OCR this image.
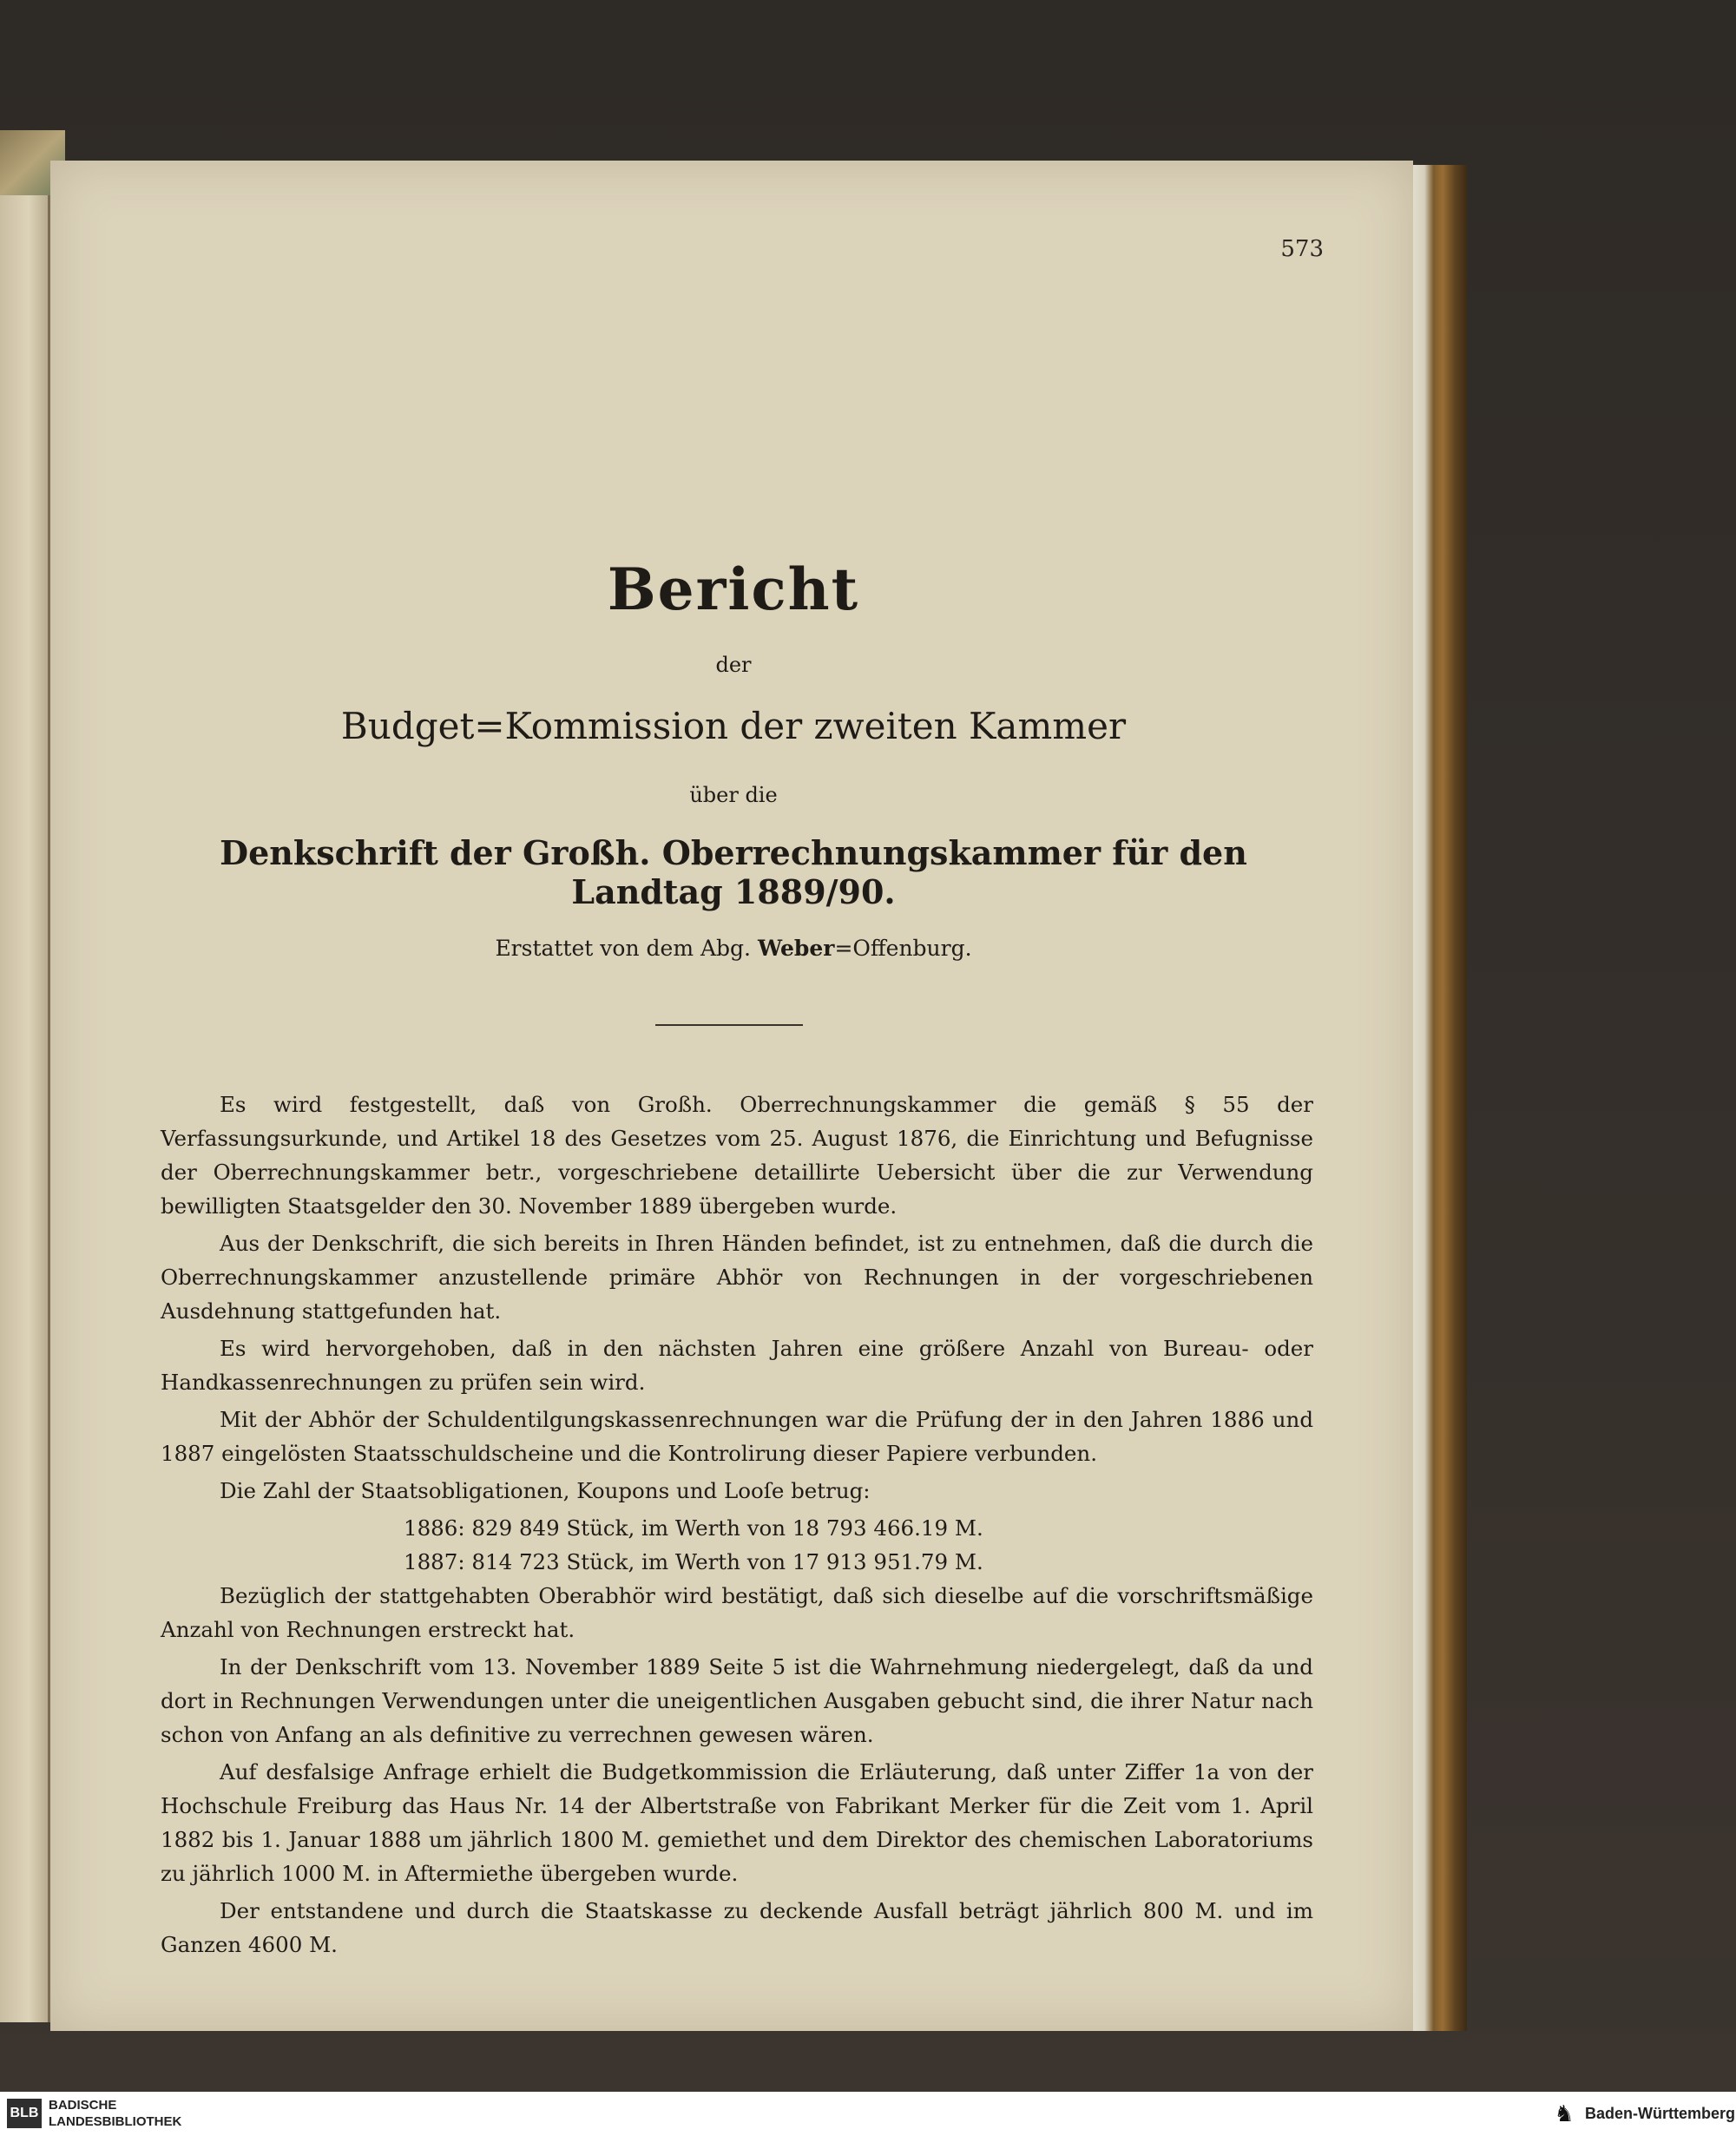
573
Bericht
der
Budget=Kommission der zweiten Kammer
über die
Denkschrift der Großh. Oberrechnungskammer für den Landtag 1889/90.
Erstattet von dem Abg. Weber=Offenburg.

Es wird festgestellt, daß von Großh. Oberrechnungskammer die gemäß § 55 der Verfassungsurkunde, und Artikel 18 des Gesetzes vom 25. August 1876, die Einrichtung und Befugnisse der Oberrechnungskammer betr., vorgeschriebene detaillirte Uebersicht über die zur Verwendung bewilligten Staatsgelder den 30. November 1889 übergeben wurde.

Aus der Denkschrift, die sich bereits in Ihren Händen befindet, ist zu entnehmen, daß die durch die Oberrechnungskammer anzustellende primäre Abhör von Rechnungen in der vorgeschriebenen Ausdehnung stattgefunden hat.

Es wird hervorgehoben, daß in den nächsten Jahren eine größere Anzahl von Bureau- oder Handkassenrechnungen zu prüfen sein wird.

Mit der Abhör der Schuldentilgungskassenrechnungen war die Prüfung der in den Jahren 1886 und 1887 eingelösten Staatsschuldscheine und die Kontrolirung dieser Papiere verbunden.

Die Zahl der Staatsobligationen, Koupons und Looſe betrug:

1886: 829 849 Stück, im Werth von 18 793 466.19 M.
1887: 814 723 Stück, im Werth von 17 913 951.79 M.

Bezüglich der stattgehabten Oberabhör wird bestätigt, daß sich dieselbe auf die vorschriftsmäßige Anzahl von Rechnungen erstreckt hat.

In der Denkschrift vom 13. November 1889 Seite 5 ist die Wahrnehmung niedergelegt, daß da und dort in Rechnungen Verwendungen unter die uneigentlichen Ausgaben gebucht sind, die ihrer Natur nach schon von Anfang an als definitive zu verrechnen gewesen wären.

Auf desfalsige Anfrage erhielt die Budgetkommission die Erläuterung, daß unter Ziffer 1a von der Hochschule Freiburg das Haus Nr. 14 der Albertstraße von Fabrikant Merker für die Zeit vom 1. April 1882 bis 1. Januar 1888 um jährlich 1800 M. gemiethet und dem Direktor des chemischen Laboratoriums zu jährlich 1000 M. in Aftermiethe übergeben wurde.

Der entstandene und durch die Staatskasse zu deckende Ausfall beträgt jährlich 800 M. und im Ganzen 4600 M.

BLB
BADISCHE
LANDESBIBLIOTHEK	♞ Baden-Württemberg
